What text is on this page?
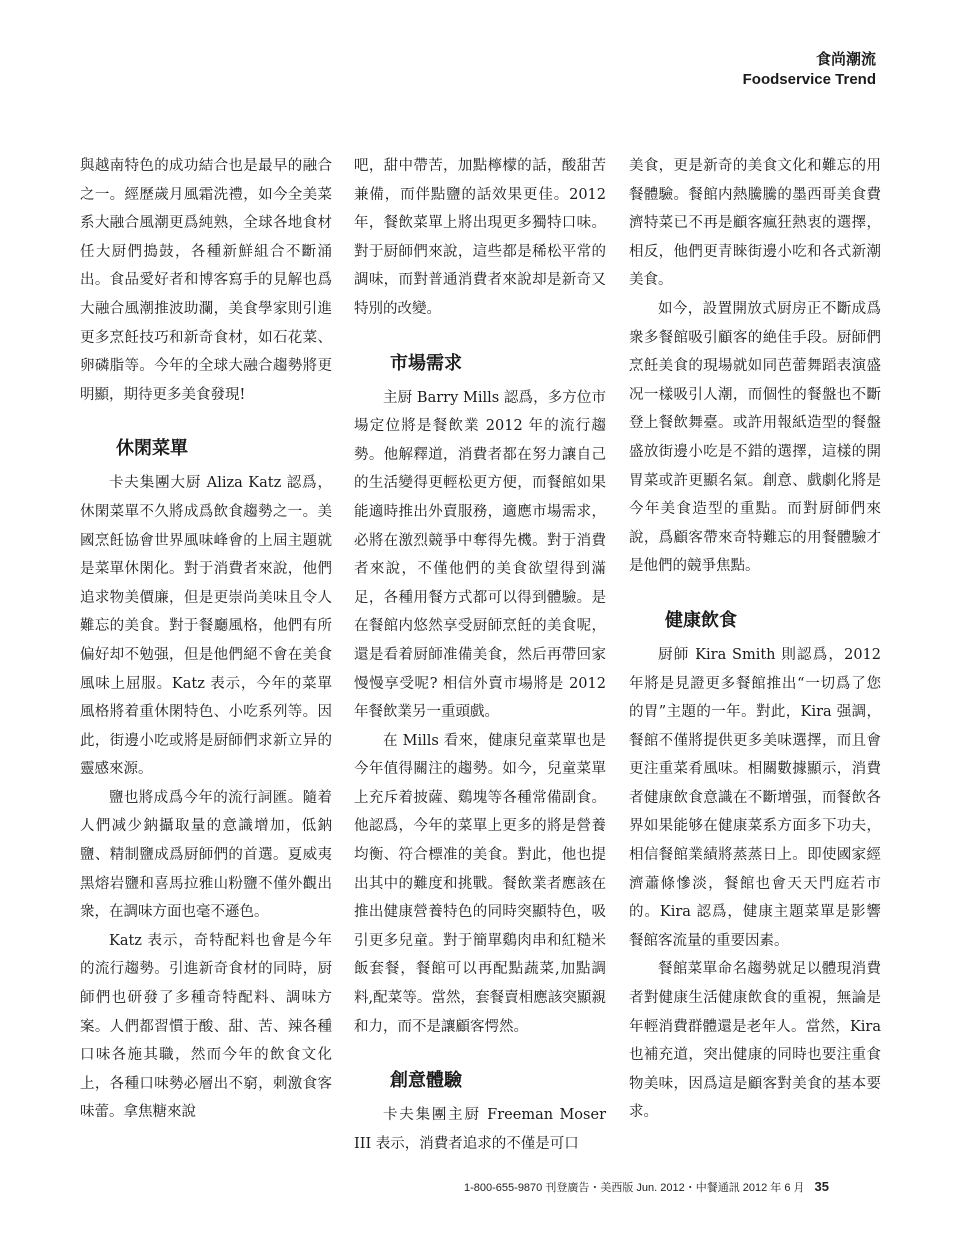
食尚潮流
Foodservice Trend

與越南特色的成功結合也是最早的融合之一。經歷歲月風霜洗禮，如今全美菜系大融合風潮更爲純熟，全球各地食材任大厨們搗鼓，各種新鮮組合不斷涌出。食品愛好者和博客寫手的見解也爲大融合風潮推波助瀾，美食學家則引進更多烹飪技巧和新奇食材，如石花菜、卵磷脂等。今年的全球大融合趨勢將更明顯，期待更多美食發現!

休閑菜單

卡夫集團大厨 Aliza Katz 認爲，休閑菜單不久將成爲飲食趨勢之一。美國烹飪協會世界風味峰會的上屆主題就是菜單休閑化。對于消費者來說，他們追求物美價廉，但是更崇尚美味且令人難忘的美食。對于餐廳風格，他們有所偏好却不勉强，但是他們絕不會在美食風味上屈服。Katz 表示，今年的菜單風格將着重休閑特色、小吃系列等。因此，街邊小吃或將是厨師們求新立异的靈感來源。

鹽也將成爲今年的流行詞匯。隨着人們减少鈉攝取量的意識增加，低鈉鹽、精制鹽成爲厨師們的首選。夏威夷黑熔岩鹽和喜馬拉雅山粉鹽不僅外觀出衆，在調味方面也毫不遜色。

Katz 表示，奇特配料也會是今年的流行趨勢。引進新奇食材的同時，厨師們也研發了多種奇特配料、調味方案。人們都習慣于酸、甜、苦、辣各種口味各施其職，然而今年的飲食文化上，各種口味勢必層出不窮，刺激食客味蕾。拿焦糖來說

吧，甜中帶苦，加點檸檬的話，酸甜苦兼備，而伴點鹽的話效果更佳。2012 年，餐飲菜單上將出現更多獨特口味。對于厨師們來說，這些都是稀松平常的調味，而對普通消費者來說却是新奇又特別的改變。

市場需求

主厨 Barry Mills 認爲，多方位市場定位將是餐飲業 2012 年的流行趨勢。他解釋道，消費者都在努力讓自己的生活變得更輕松更方便，而餐館如果能適時推出外賣服務，適應市場需求，必將在激烈競爭中奪得先機。對于消費者來說，不僅他們的美食欲望得到滿足，各種用餐方式都可以得到體驗。是在餐館内悠然享受厨師烹飪的美食呢，還是看着厨師准備美食，然后再帶回家慢慢享受呢? 相信外賣市場將是 2012 年餐飲業另一重頭戲。

在 Mills 看來，健康兒童菜單也是今年值得關注的趨勢。如今，兒童菜單上充斥着披薩、鷄塊等各種常備副食。他認爲，今年的菜單上更多的將是營養均衡、符合標准的美食。對此，他也提出其中的難度和挑戰。餐飲業者應該在推出健康營養特色的同時突顯特色，吸引更多兒童。對于簡單鷄肉串和紅糙米飯套餐，餐館可以再配點蔬菜,加點調料,配菜等。當然，套餐賣相應該突顯親和力，而不是讓顧客愕然。

創意體驗

卡夫集團主厨 Freeman Moser III 表示，消費者追求的不僅是可口

美食，更是新奇的美食文化和難忘的用餐體驗。餐館内熱騰騰的墨西哥美食費濟特菜已不再是顧客瘋狂熱衷的選擇，相反，他們更青睞街邊小吃和各式新潮美食。

如今，設置開放式厨房正不斷成爲衆多餐館吸引顧客的絶佳手段。厨師們烹飪美食的現場就如同芭蕾舞蹈表演盛况一樣吸引人潮，而個性的餐盤也不斷登上餐飲舞臺。或許用報紙造型的餐盤盛放街邊小吃是不錯的選擇，這樣的開胃菜或許更顯名氣。創意、戲劇化將是今年美食造型的重點。而對厨師們來說，爲顧客帶來奇特難忘的用餐體驗才是他們的競爭焦點。

健康飲食

厨師 Kira Smith 則認爲，2012 年將是見證更多餐館推出“一切爲了您的胃”主題的一年。對此，Kira 强調，餐館不僅將提供更多美味選擇，而且會更注重菜肴風味。相關數據顯示，消費者健康飲食意識在不斷增强，而餐飲各界如果能够在健康菜系方面多下功夫，相信餐館業績將蒸蒸日上。即使國家經濟蕭條慘淡，餐館也會天天門庭若市的。Kira 認爲，健康主題菜單是影響餐館客流量的重要因素。

餐館菜單命名趨勢就足以體現消費者對健康生活健康飲食的重視，無論是年輕消費群體還是老年人。當然，Kira 也補充道，突出健康的同時也要注重食物美味，因爲這是顧客對美食的基本要求。

1-800-655-9870 刊登廣告・美西版 Jun. 2012・中餐通訊 2012 年 6 月 35
